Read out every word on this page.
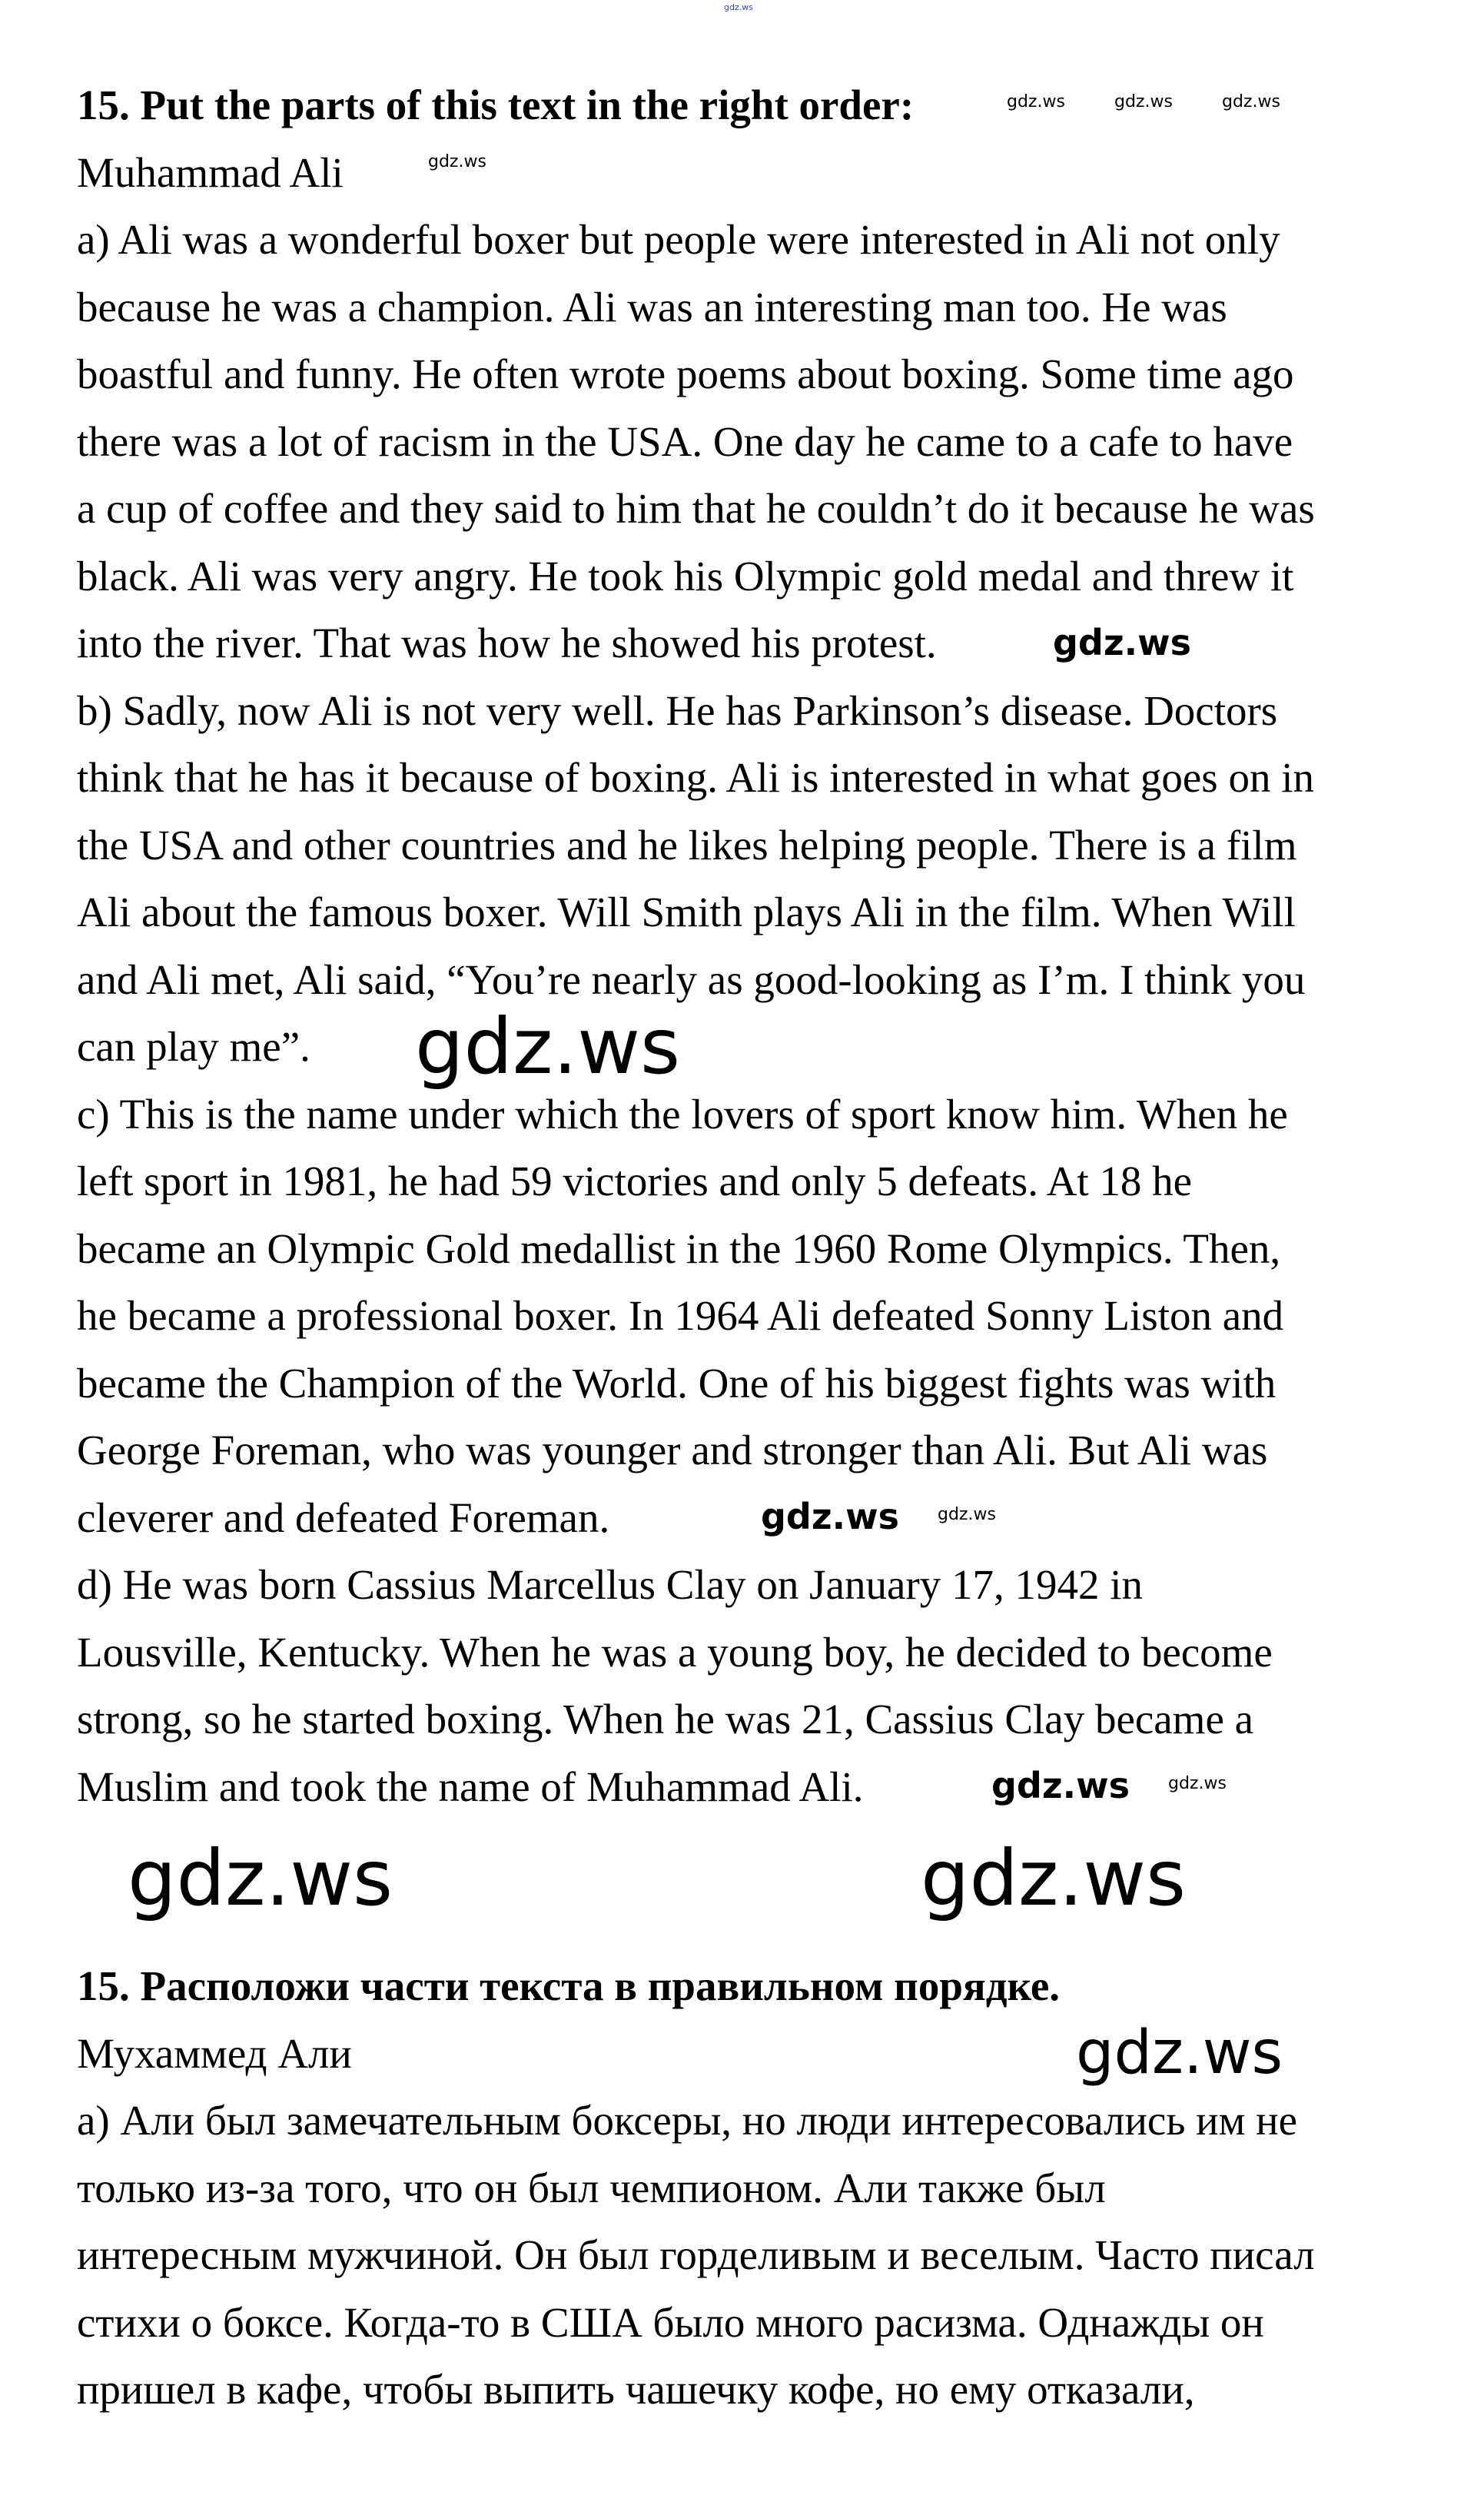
15. Put the parts of this text in the right order:
Muhammad Ali
a) Ali was a wonderful boxer but people were interested in Ali not only
because he was a champion. Ali was an interesting man too. He was
boastful and funny. He often wrote poems about boxing. Some time ago
there was a lot of racism in the USA. One day he came to a cafe to have
a cup of coffee and they said to him that he couldn’t do it because he was
black. Ali was very angry. He took his Olympic gold medal and threw it
into the river. That was how he showed his protest.
b) Sadly, now Ali is not very well. He has Parkinson’s disease. Doctors
think that he has it because of boxing. Ali is interested in what goes on in
the USA and other countries and he likes helping people. There is a film
Ali about the famous boxer. Will Smith plays Ali in the film. When Will
and Ali met, Ali said, “You’re nearly as good-looking as I’m. I think you
can play me”.
c) This is the name under which the lovers of sport know him. When he
left sport in 1981, he had 59 victories and only 5 defeats. At 18 he
became an Olympic Gold medallist in the 1960 Rome Olympics. Then,
he became a professional boxer. In 1964 Ali defeated Sonny Liston and
became the Champion of the World. One of his biggest fights was with
George Foreman, who was younger and stronger than Ali. But Ali was
cleverer and defeated Foreman.
d) He was born Cassius Marcellus Clay on January 17, 1942 in
Lousville, Kentucky. When he was a young boy, he decided to become
strong, so he started boxing. When he was 21, Cassius Clay became a
Muslim and took the name of Muhammad Ali.
15. Расположи части текста в правильном порядке.
Мухаммед Али
а) Али был замечательным боксеры, но люди интересовались им не
только из-за того, что он был чемпионом. Али также был
интересным мужчиной. Он был горделивым и веселым. Часто писал
стихи о боксе. Когда-то в США было много расизма. Однажды он
пришел в кафе, чтобы выпить чашечку кофе, но ему отказали,
gdz.ws
gdz.ws	gdz.ws	gdz.ws
gdz.ws
gdz.ws
gdz.ws
gdz.ws gdz.ws
gdz.ws gdz.ws
gdz.ws
gdz.ws
gdz.ws
